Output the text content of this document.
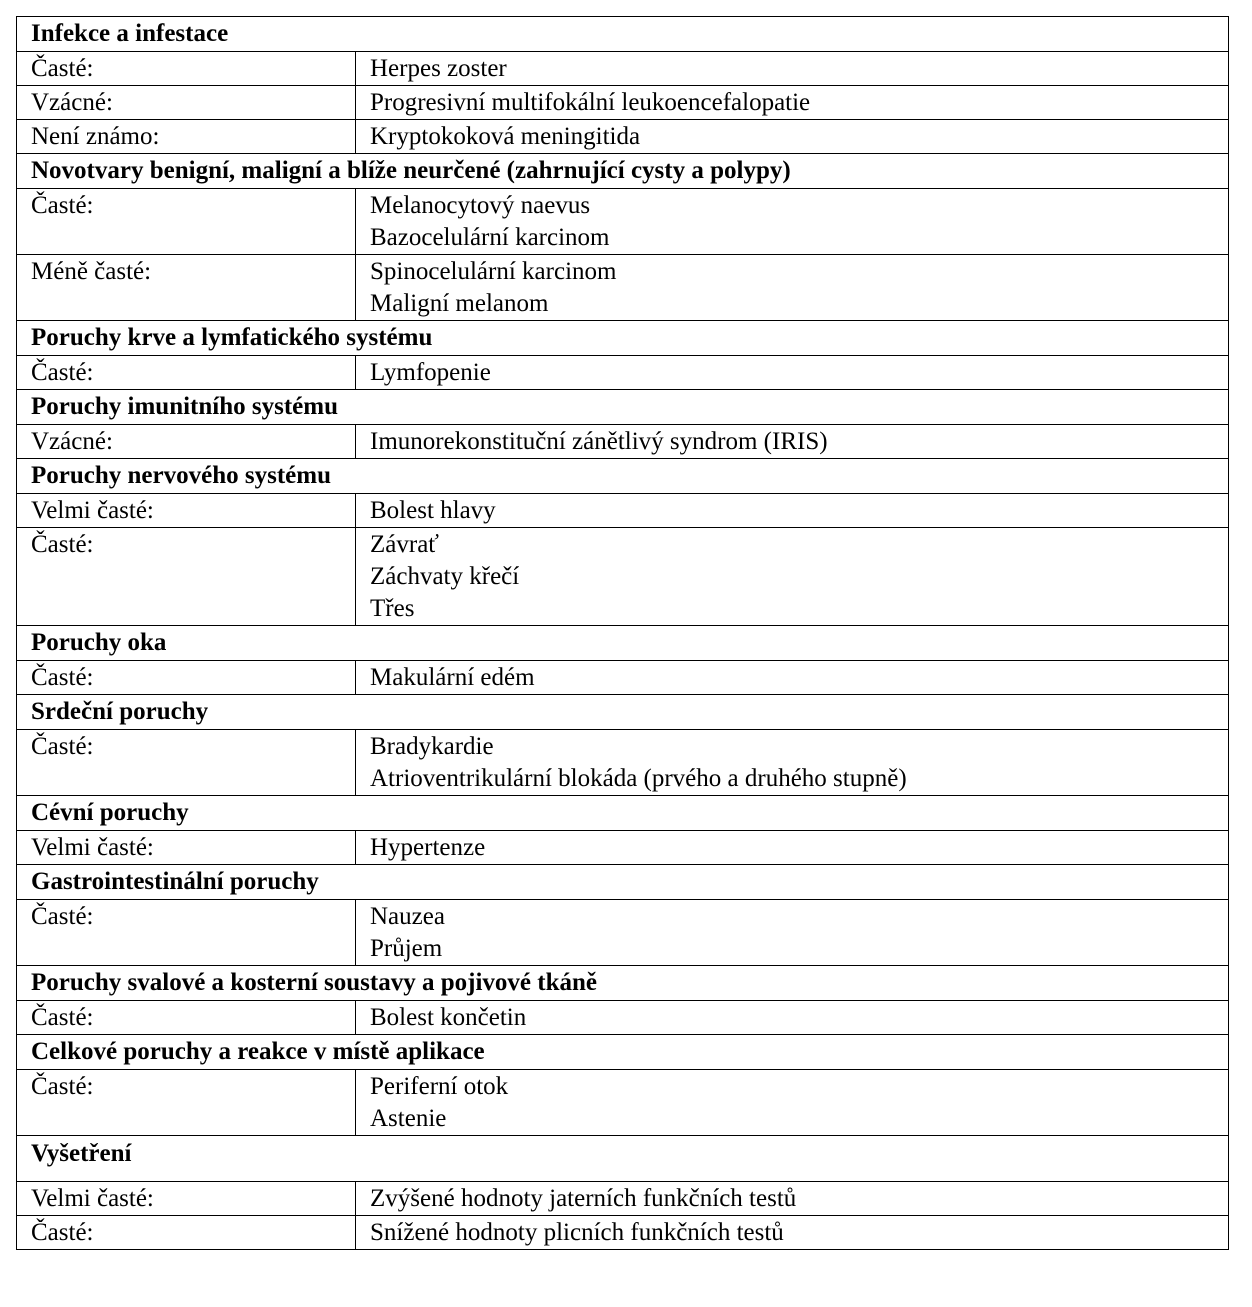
Infekce a infestace	
Časté:	Herpes zoster

Vzácné:	Progresivní multifokální leukoencefalopatie

Není známo:	Kryptokoková meningitida

Novotvary benigní, maligní a blíže neurčené (zahrnující cysty a polypy)	
Časté:	Melanocytový naevus
Bazocelulární karcinom

Méně časté:	Spinocelulární karcinom
Maligní melanom

Poruchy krve a lymfatického systému	
Časté:	Lymfopenie

Poruchy imunitního systému	
Vzácné:	Imunorekonstituční zánětlivý syndrom (IRIS)

Poruchy nervového systému	
Velmi časté:	Bolest hlavy

Časté:	Závrať
Záchvaty křečí
Třes

Poruchy oka	
Časté:	Makulární edém

Srdeční poruchy	
Časté:	Bradykardie
Atrioventrikulární blokáda (prvého a druhého stupně)

Cévní poruchy	
Velmi časté:	Hypertenze

Gastrointestinální poruchy	
Časté:	Nauzea
Průjem

Poruchy svalové a kosterní soustavy a pojivové tkáně	
Časté:	Bolest končetin

Celkové poruchy a reakce v místě aplikace	
Časté:	Periferní otok
Astenie

Vyšetření	
Velmi časté:	Zvýšené hodnoty jaterních funkčních testů

Časté:	Snížené hodnoty plicních funkčních testů
